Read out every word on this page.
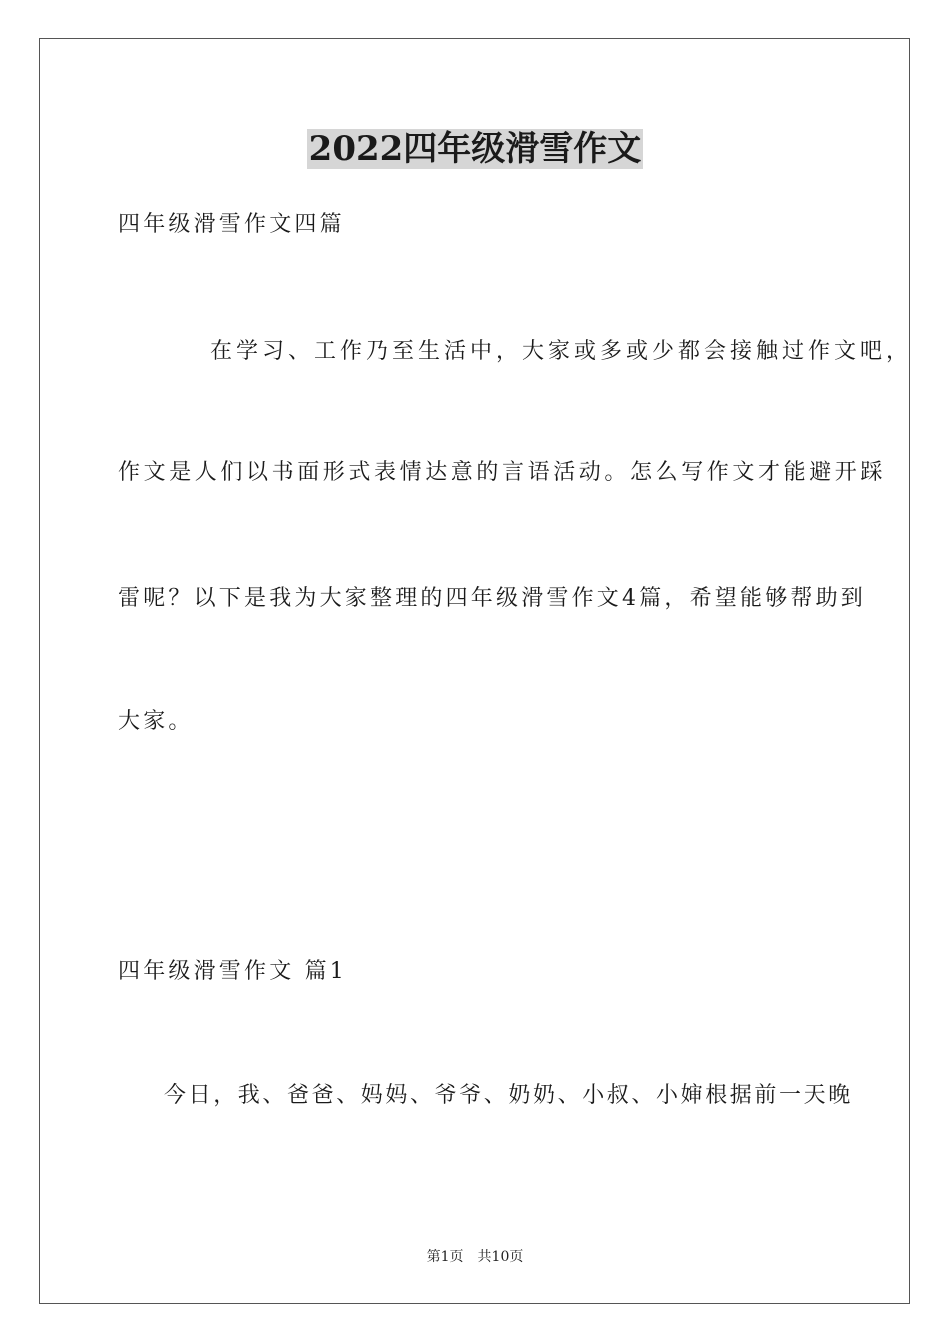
2022四年级滑雪作文
四年级滑雪作文四篇
在学习、工作乃至生活中，大家或多或少都会接触过作文吧，
作文是人们以书面形式表情达意的言语活动。怎么写作文才能避开踩
雷呢？以下是我为大家整理的四年级滑雪作文4篇，希望能够帮助到
大家。
四年级滑雪作文 篇1
今日，我、爸爸、妈妈、爷爷、奶奶、小叔、小婶根据前一天晚
第1页 共10页
